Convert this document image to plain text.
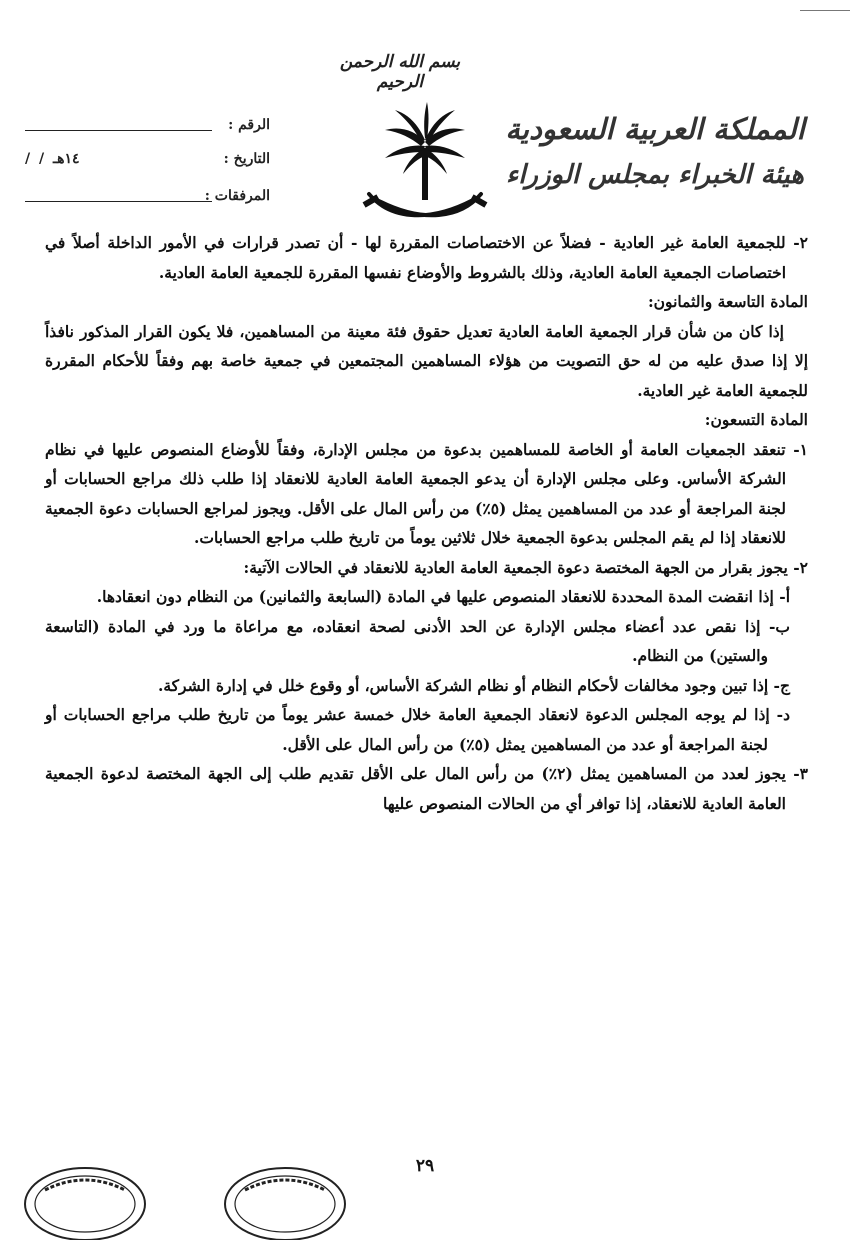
بسم الله الرحمن الرحيم
المملكة العربية السعودية
هيئة الخبراء بمجلس الوزراء
الرقم :
التاريخ :
/ / ١٤هـ
المرفقات :

٢- للجمعية العامة غير العادية - فضلاً عن الاختصاصات المقررة لها - أن تصدر قرارات في الأمور الداخلة أصلاً في اختصاصات الجمعية العامة العادية، وذلك بالشروط والأوضاع نفسها المقررة للجمعية العامة العادية.

المادة التاسعة والثمانون:

إذا كان من شأن قرار الجمعية العامة العادية تعديل حقوق فئة معينة من المساهمين، فلا يكون القرار المذكور نافذاً إلا إذا صدق عليه من له حق التصويت من هؤلاء المساهمين المجتمعين في جمعية خاصة بهم وفقاً للأحكام المقررة للجمعية العامة غير العادية.

المادة التسعون:

١- تنعقد الجمعيات العامة أو الخاصة للمساهمين بدعوة من مجلس الإدارة، وفقاً للأوضاع المنصوص عليها في نظام الشركة الأساس. وعلى مجلس الإدارة أن يدعو الجمعية العامة العادية للانعقاد إذا طلب ذلك مراجع الحسابات أو لجنة المراجعة أو عدد من المساهمين يمثل (٥٪) من رأس المال على الأقل. ويجوز لمراجع الحسابات دعوة الجمعية للانعقاد إذا لم يقم المجلس بدعوة الجمعية خلال ثلاثين يوماً من تاريخ طلب مراجع الحسابات.

٢- يجوز بقرار من الجهة المختصة دعوة الجمعية العامة العادية للانعقاد في الحالات الآتية:

أ- إذا انقضت المدة المحددة للانعقاد المنصوص عليها في المادة (السابعة والثمانين) من النظام دون انعقادها.

ب- إذا نقص عدد أعضاء مجلس الإدارة عن الحد الأدنى لصحة انعقاده، مع مراعاة ما ورد في المادة (التاسعة والستين) من النظام.

ج- إذا تبين وجود مخالفات لأحكام النظام أو نظام الشركة الأساس، أو وقوع خلل في إدارة الشركة.

د- إذا لم يوجه المجلس الدعوة لانعقاد الجمعية العامة خلال خمسة عشر يوماً من تاريخ طلب مراجع الحسابات أو لجنة المراجعة أو عدد من المساهمين يمثل (٥٪) من رأس المال على الأقل.

٣- يجوز لعدد من المساهمين يمثل (٢٪) من رأس المال على الأقل تقديم طلب إلى الجهة المختصة لدعوة الجمعية العامة العادية للانعقاد، إذا توافر أي من الحالات المنصوص عليها

٢٩
